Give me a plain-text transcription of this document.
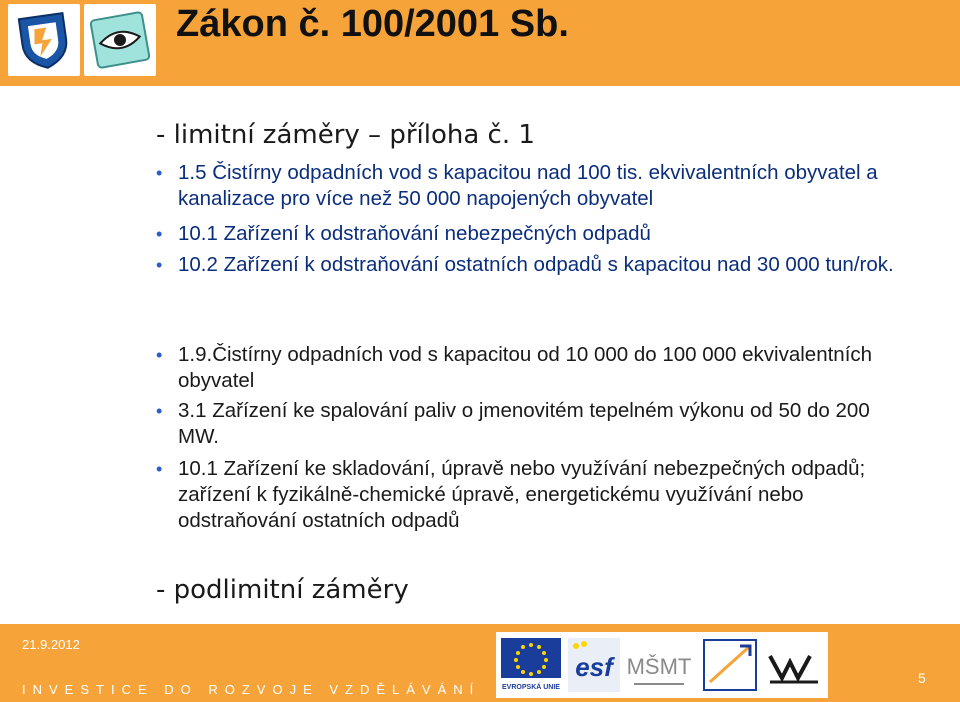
Zákon č. 100/2001 Sb.
- limitní záměry – příloha č. 1
• 1.5 Čistírny odpadních vod s kapacitou nad 100 tis. ekvivalentních obyvatel a kanalizace pro více než 50 000 napojených obyvatel
• 10.1 Zařízení k odstraňování nebezpečných odpadů
• 10.2 Zařízení k odstraňování ostatních odpadů s kapacitou nad 30 000 tun/rok.
• 1.9.Čistírny odpadních vod s kapacitou od 10 000 do 100 000 ekvivalentních obyvatel
• 3.1 Zařízení ke spalování paliv o jmenovitém tepelném výkonu od 50 do 200 MW.
• 10.1 Zařízení ke skladování, úpravě nebo využívání nebezpečných odpadů; zařízení k fyzikálně-chemické úpravě, energetickému využívání nebo odstraňování ostatních odpadů
- podlimitní záměry
21.9.2012
INVESTICE DO ROZVOJE VZDĚLÁVÁNÍ
5
EVROPSKÁ UNIE
esf MŠMT
